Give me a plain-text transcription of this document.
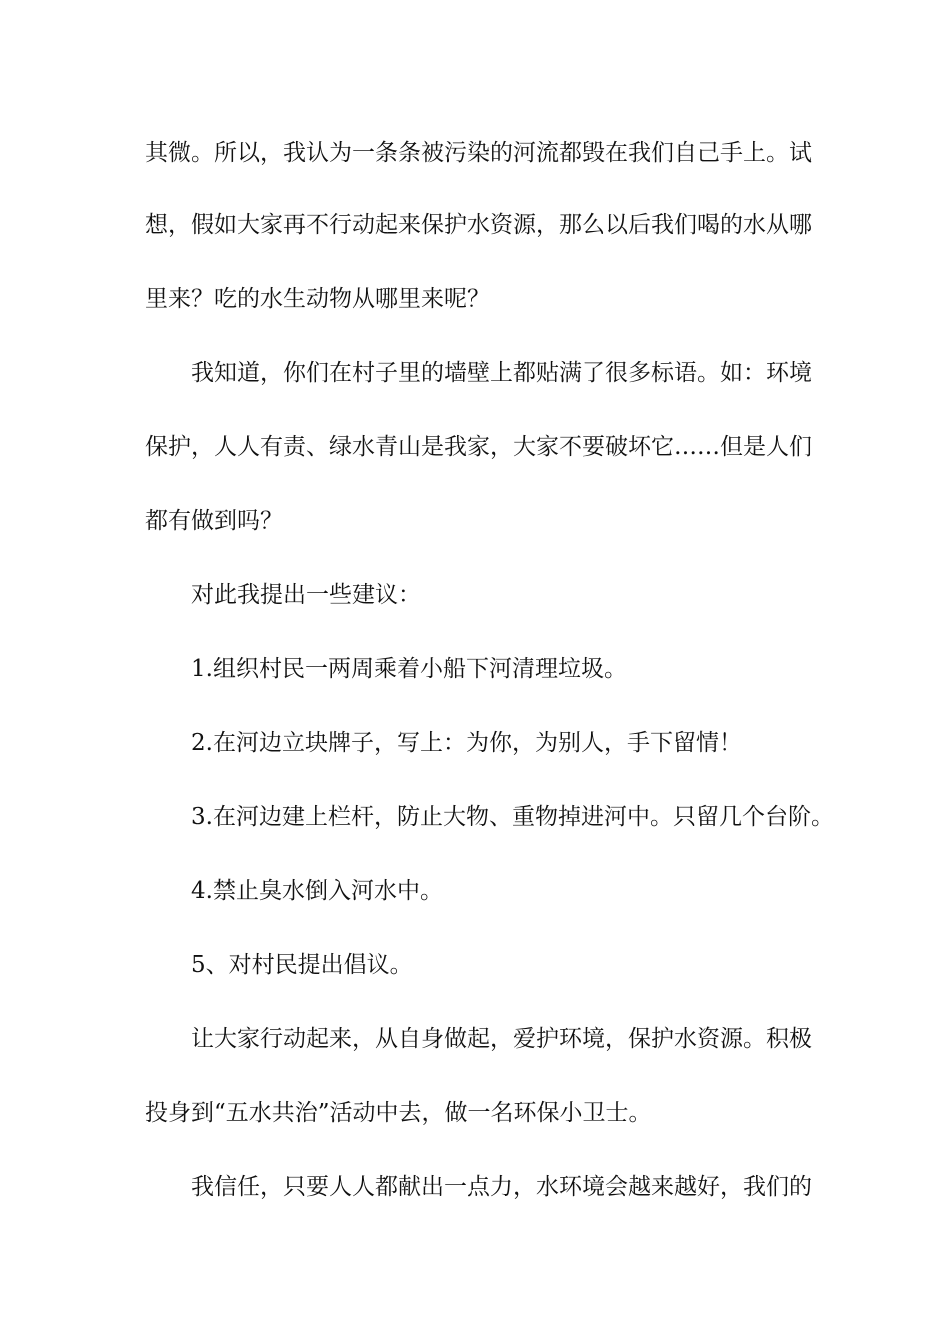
其微。所以，我认为一条条被污染的河流都毁在我们自己手上。试
想，假如大家再不行动起来保护水资源，那么以后我们喝的水从哪
里来？吃的水生动物从哪里来呢？
我知道，你们在村子里的墙壁上都贴满了很多标语。如：环境
保护，人人有责、绿水青山是我家，大家不要破坏它……但是人们
都有做到吗？
对此我提出一些建议：
1.组织村民一两周乘着小船下河清理垃圾。
2.在河边立块牌子，写上：为你，为别人，手下留情！
3.在河边建上栏杆，防止大物、重物掉进河中。只留几个台阶。
4.禁止臭水倒入河水中。
5、对村民提出倡议。
让大家行动起来，从自身做起，爱护环境，保护水资源。积极
投身到“五水共治”活动中去，做一名环保小卫士。
我信任，只要人人都献出一点力，水环境会越来越好，我们的
